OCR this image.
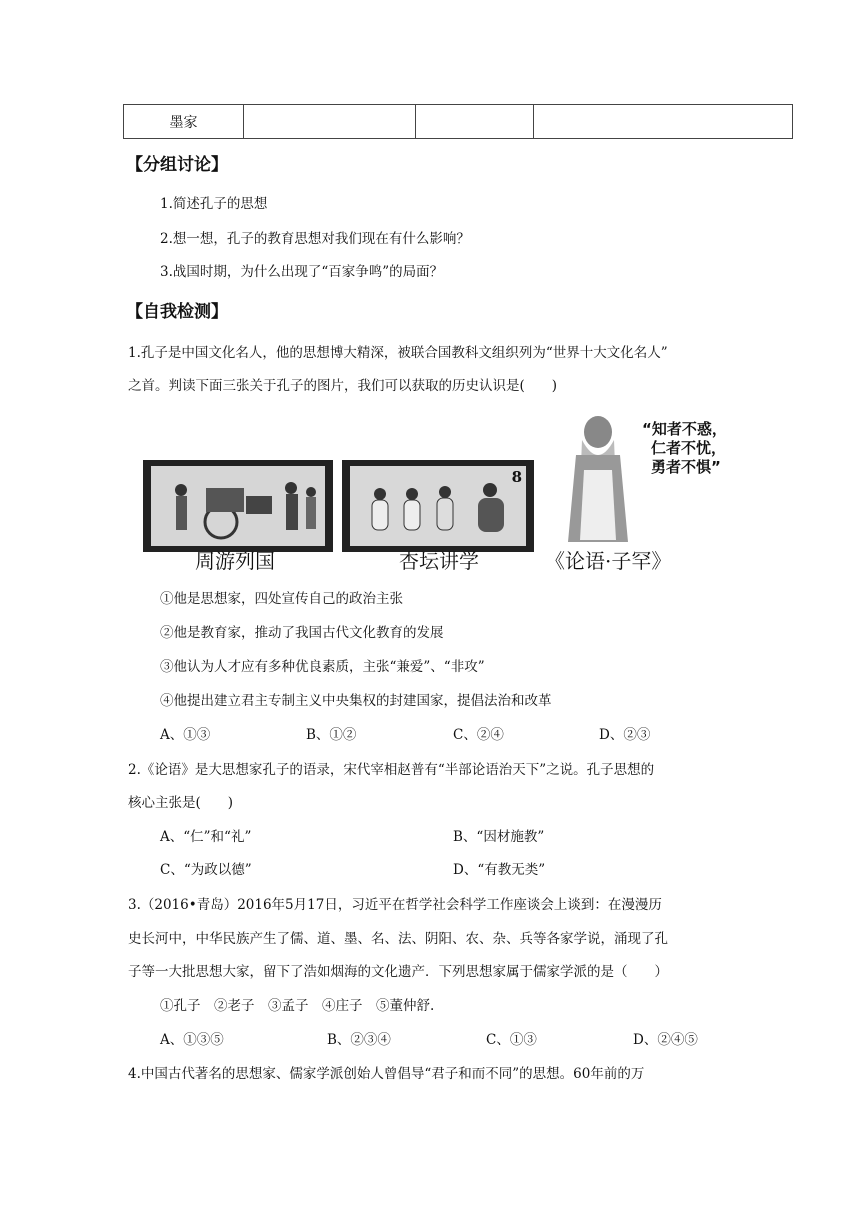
墨家			
【分组讨论】
1.简述孔子的思想
2.想一想，孔子的教育思想对我们现在有什么影响？
3.战国时期，为什么出现了“百家争鸣”的局面？
【自我检测】
1.孔子是中国文化名人，他的思想博大精深，被联合国教科文组织列为“世界十大文化名人”
之首。判读下面三张关于孔子的图片，我们可以获取的历史认识是(　　)
8
“知者不惑，
仁者不忧，
勇者不惧”
周游列国	杏坛讲学	《论语·子罕》
①他是思想家，四处宣传自己的政治主张
②他是教育家，推动了我国古代文化教育的发展
③他认为人才应有多种优良素质，主张“兼爱”、“非攻”
④他提出建立君主专制主义中央集权的封建国家，提倡法治和改革
A、①③	B、①②	C、②④	D、②③
2.《论语》是大思想家孔子的语录，宋代宰相赵普有“半部论语治天下”之说。孔子思想的
核心主张是(　　)
A、“仁”和“礼”	B、“因材施教”
C、“为政以德”	D、“有教无类”
3.（2016•青岛）2016年5月17日，习近平在哲学社会科学工作座谈会上谈到：在漫漫历
史长河中，中华民族产生了儒、道、墨、名、法、阴阳、农、杂、兵等各家学说，涌现了孔
子等一大批思想大家，留下了浩如烟海的文化遗产．下列思想家属于儒家学派的是（　　）
①孔子　②老子　③孟子　④庄子　⑤董仲舒.
A、①③⑤	B、②③④	C、①③	D、②④⑤
4.中国古代著名的思想家、儒家学派创始人曾倡导“君子和而不同”的思想。60年前的万
